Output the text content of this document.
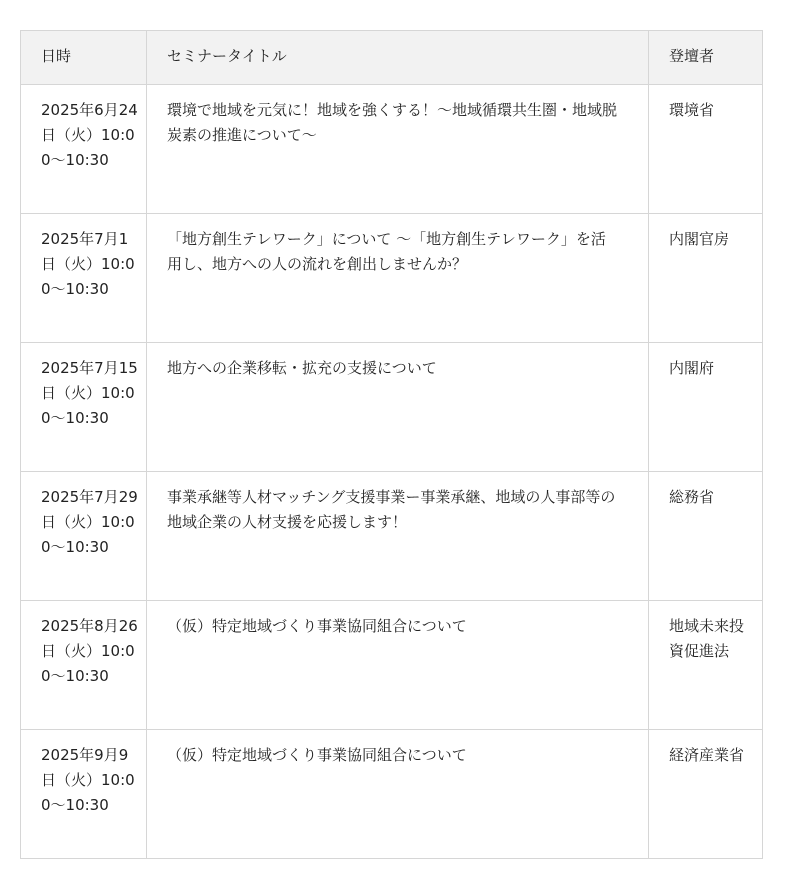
日時	セミナータイトル	登壇者
2025年6月24日（火）10:00～10:30	環境で地域を元気に！地域を強くする！～地域循環共生圏・地域脱炭素の推進について～	環境省
2025年7月1日（火）10:00～10:30	「地方創生テレワーク」について ～「地方創生テレワーク」を活用し、地方への人の流れを創出しませんか？	内閣官房
2025年7月15日（火）10:00～10:30	地方への企業移転・拡充の支援について	内閣府
2025年7月29日（火）10:00～10:30	事業承継等人材マッチング支援事業ー事業承継、地域の人事部等の地域企業の人材支援を応援します！	総務省
2025年8月26日（火）10:00～10:30	（仮）特定地域づくり事業協同組合について	地域未来投資促進法
2025年9月9日（火）10:00～10:30	（仮）特定地域づくり事業協同組合について	経済産業省
